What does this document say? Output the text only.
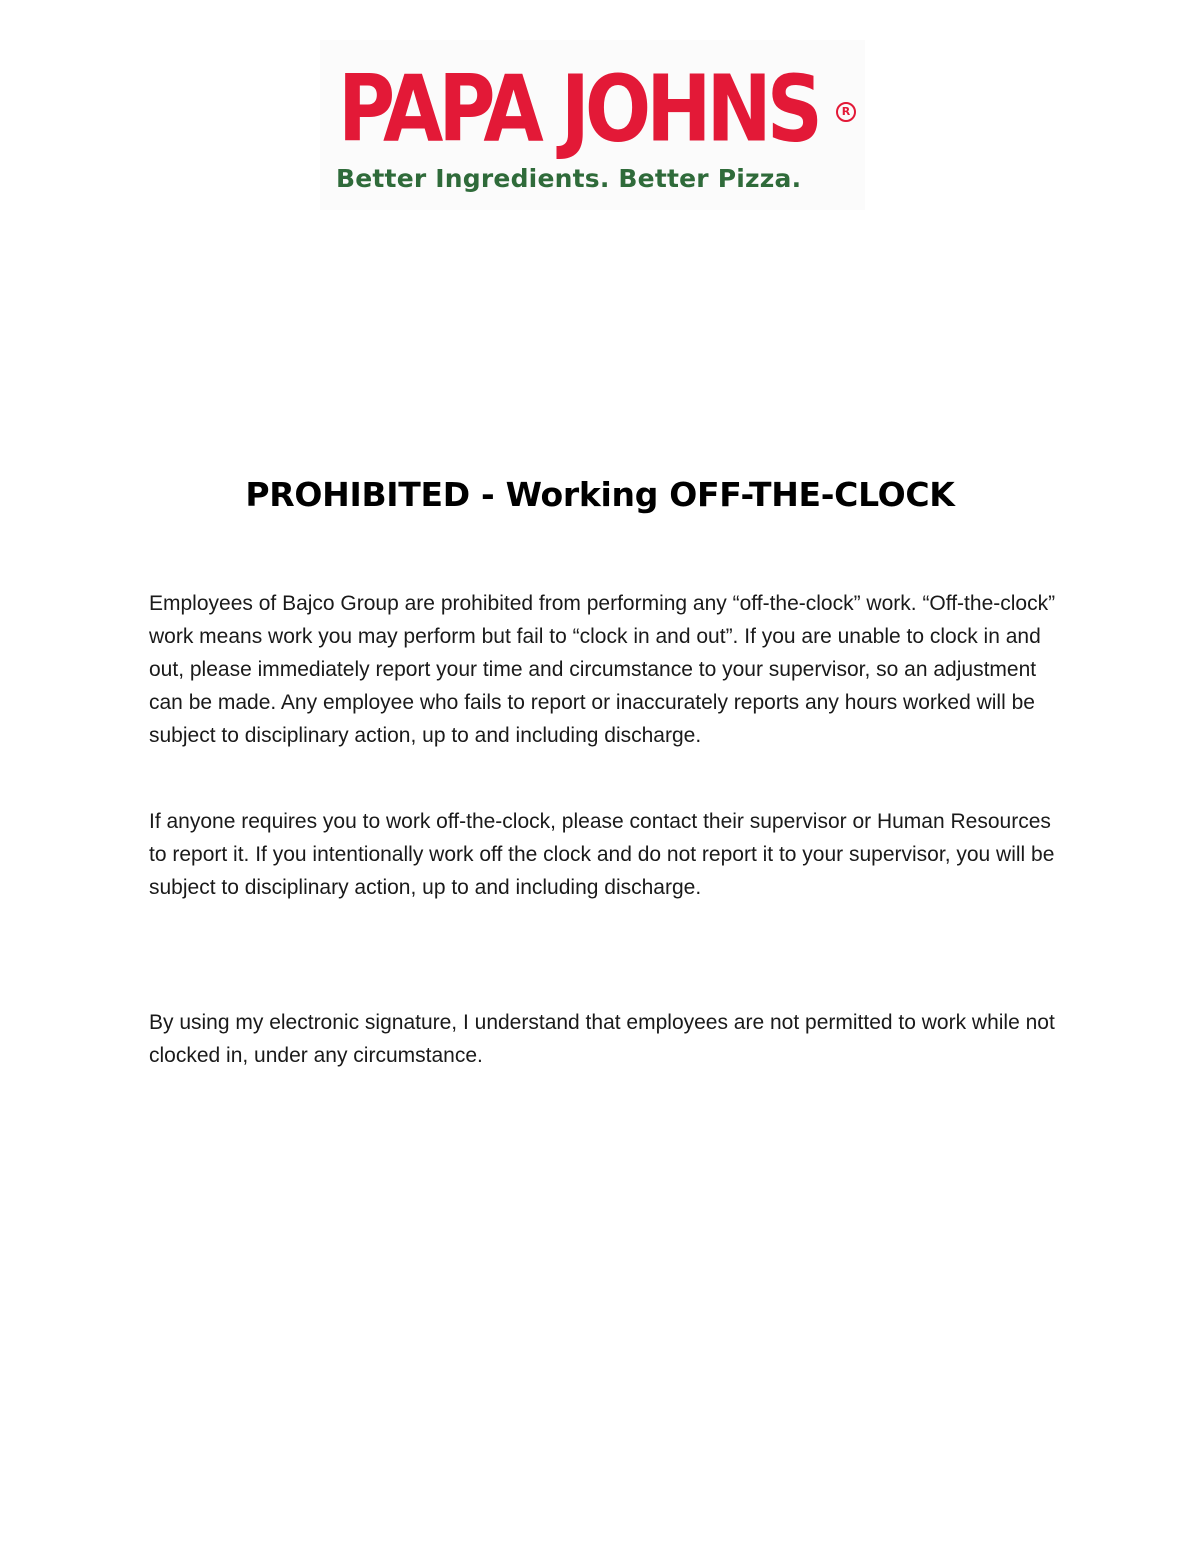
PAPA JOHNS	R
Better Ingredients. Better Pizza.
PROHIBITED - Working OFF-THE-CLOCK

Employees of Bajco Group are prohibited from performing any “off-the-clock” work. “Off-the-clock” work means work you may perform but fail to “clock in and out”. If you are unable to clock in and out, please immediately report your time and circumstance to your supervisor, so an adjustment can be made. Any employee who fails to report or inaccurately reports any hours worked will be subject to disciplinary action, up to and including discharge.

If anyone requires you to work off-the-clock, please contact their supervisor or Human Resources to report it. If you intentionally work off the clock and do not report it to your supervisor, you will be subject to disciplinary action, up to and including discharge.

By using my electronic signature, I understand that employees are not permitted to work while not clocked in, under any circumstance.
